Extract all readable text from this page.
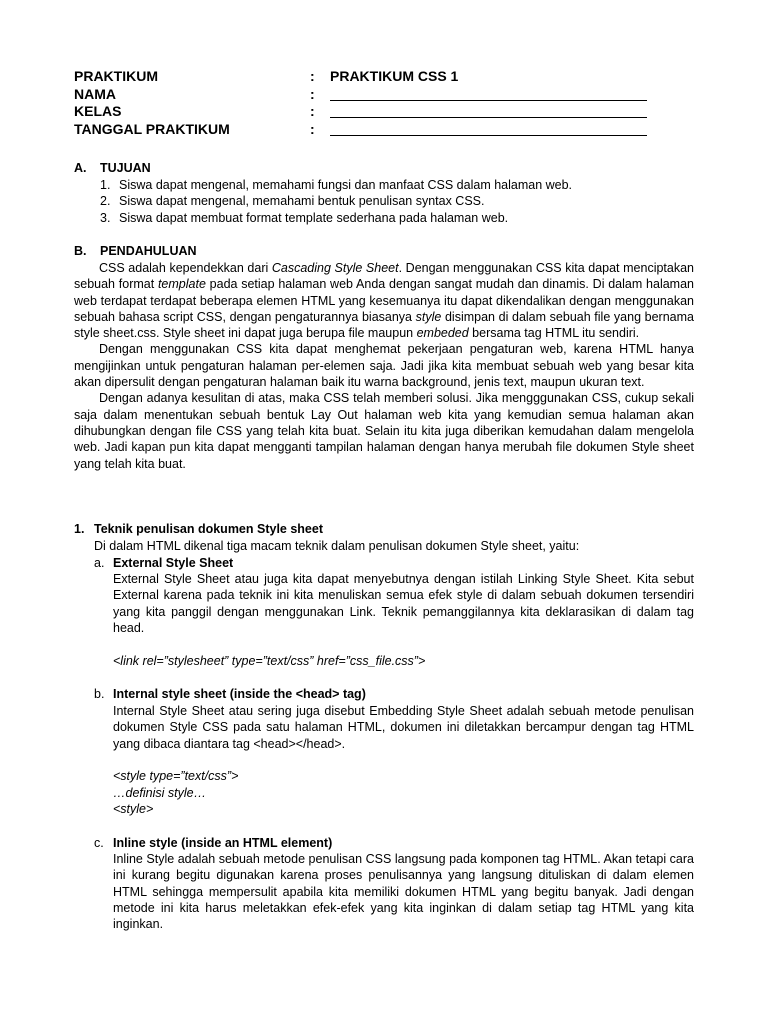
PRAKTIKUM	:	PRAKTIKUM CSS 1
NAMA	:
KELAS	:
TANGGAL PRAKTIKUM	:
A. TUJUAN
1. Siswa dapat mengenal, memahami fungsi dan manfaat CSS dalam halaman web.
2. Siswa dapat mengenal, memahami bentuk penulisan syntax CSS.
3. Siswa dapat membuat format template sederhana pada halaman web.
B. PENDAHULUAN

CSS adalah kependekkan dari Cascading Style Sheet. Dengan menggunakan CSS kita dapat menciptakan sebuah format template pada setiap halaman web Anda dengan sangat mudah dan dinamis. Di dalam halaman web terdapat terdapat beberapa elemen HTML yang kesemuanya itu dapat dikendalikan dengan menggunakan sebuah bahasa script CSS, dengan pengaturannya biasanya style disimpan di dalam sebuah file yang bernama style sheet.css. Style sheet ini dapat juga berupa file maupun embeded bersama tag HTML itu sendiri.

Dengan menggunakan CSS kita dapat menghemat pekerjaan pengaturan web, karena HTML hanya mengijinkan untuk pengaturan halaman per-elemen saja. Jadi jika kita membuat sebuah web yang besar kita akan dipersulit dengan pengaturan halaman baik itu warna background, jenis text, maupun ukuran text.

Dengan adanya kesulitan di atas, maka CSS telah memberi solusi. Jika mengggunakan CSS, cukup sekali saja dalam menentukan sebuah bentuk Lay Out halaman web kita yang kemudian semua halaman akan dihubungkan dengan file CSS yang telah kita buat. Selain itu kita juga diberikan kemudahan dalam mengelola web. Jadi kapan pun kita dapat mengganti tampilan halaman dengan hanya merubah file dokumen Style sheet yang telah kita buat.

1. Teknik penulisan dokumen Style sheet
Di dalam HTML dikenal tiga macam teknik dalam penulisan dokumen Style sheet, yaitu:
a. External Style Sheet
External Style Sheet atau juga kita dapat menyebutnya dengan istilah Linking Style Sheet. Kita sebut External karena pada teknik ini kita menuliskan semua efek style di dalam sebuah dokumen tersendiri yang kita panggil dengan menggunakan Link. Teknik pemanggilannya kita deklarasikan di dalam tag head.
<link rel=”stylesheet” type=”text/css” href=”css_file.css”>
b. Internal style sheet (inside the <head> tag)
Internal Style Sheet atau sering juga disebut Embedding Style Sheet adalah sebuah metode penulisan dokumen Style CSS pada satu halaman HTML, dokumen ini diletakkan bercampur dengan tag HTML yang dibaca diantara tag <head></head>.
<style type=”text/css”>
…definisi style…
<style>
c. Inline style (inside an HTML element)
Inline Style adalah sebuah metode penulisan CSS langsung pada komponen tag HTML. Akan tetapi cara ini kurang begitu digunakan karena proses penulisannya yang langsung dituliskan di dalam elemen HTML sehingga mempersulit apabila kita memiliki dokumen HTML yang begitu banyak. Jadi dengan metode ini kita harus meletakkan efek-efek yang kita inginkan di dalam setiap tag HTML yang kita inginkan.
